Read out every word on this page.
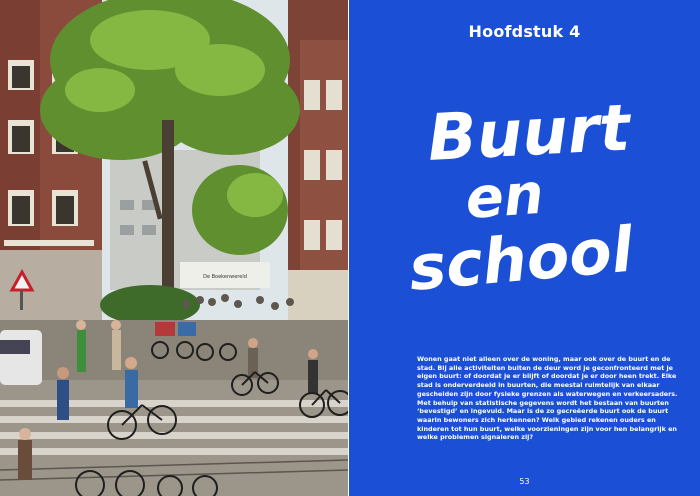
De Boekenwereld
Hoofdstuk 4
Buurt
en
school

Wonen gaat niet alleen over de woning, maar ook over de buurt en de stad. Bij alle activiteiten buiten de deur word je geconfronteerd met je eigen buurt: of doordat je er blijft of doordat je er door heen trekt. Elke stad is onderverdeeld in buurten, die meestal ruimtelijk van elkaar gescheiden zijn door fysieke grenzen als waterwegen en verkeersaders. Met behulp van statistische gegevens wordt het bestaan van buurten ‘bevestigd’ en ingevuld. Maar is de zo gecreëerde buurt ook de buurt waarin bewoners zich herkennen? Welk gebied rekenen ouders en kinderen tot hun buurt, welke voorzieningen zijn voor hen belangrijk en welke problemen signaleren zij?

53
